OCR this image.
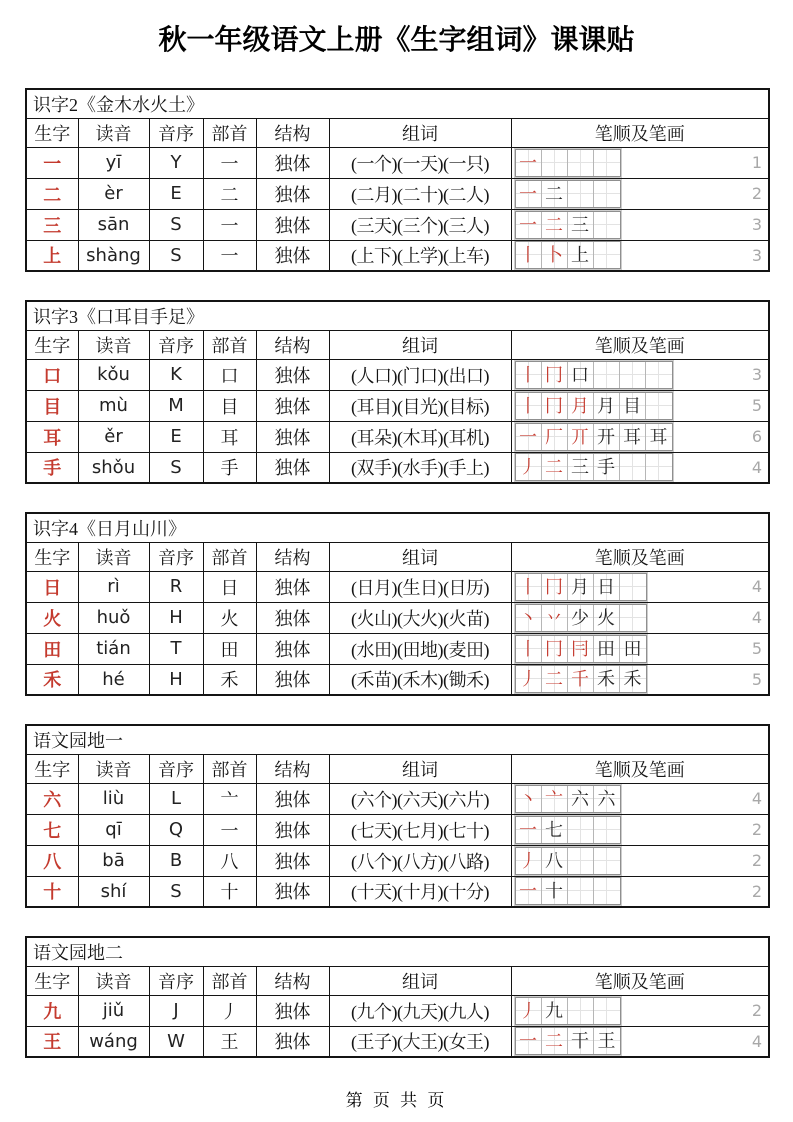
秋一年级语文上册《生字组词》课课贴
识字2《金木水火土》						
生字	读音	音序	部首	结构	组词	笔顺及笔画
一	yī	Y	一	独体	(一个)(一天)(一只)	一 1

二	èr	E	二	独体	(二月)(二十)(二人)	一 二 2

三	sān	S	一	独体	(三天)(三个)(三人)	一 二 三 3

上	shàng	S	一	独体	(上下)(上学)(上车)	丨 卜 上 3
识字3《口耳目手足》						
生字	读音	音序	部首	结构	组词	笔顺及笔画
口	kǒu	K	口	独体	(人口)(门口)(出口)	丨 冂 口 3

目	mù	M	目	独体	(耳目)(目光)(目标)	丨 冂 月 月 目	5

耳	ěr	E	耳	独体	(耳朵)(木耳)(耳机)	一 厂 丌 开 耳 耳	6

手	shǒu	S	手	独体	(双手)(水手)(手上)	丿 二 三 手 4
识字4《日月山川》						
生字	读音	音序	部首	结构	组词	笔顺及笔画
日	rì	R	日	独体	(日月)(生日)(日历)	丨 冂 月 日 4

火	huǒ	H	火	独体	(火山)(大火)(火苗)	丶 丷 少 火 4

田	tián	T	田	独体	(水田)(田地)(麦田)	丨 冂 冃 田 田	5

禾	hé	H	禾	独体	(禾苗)(禾木)(锄禾)	丿 二 千 禾 禾	5
语文园地一						
生字	读音	音序	部首	结构	组词	笔顺及笔画
六	liù	L	亠	独体	(六个)(六天)(六片)	丶 亠 六 六 4

七	qī	Q	一	独体	(七天)(七月)(七十)	一 七 2

八	bā	B	八	独体	(八个)(八方)(八路)	丿 八 2

十	shí	S	十	独体	(十天)(十月)(十分)	一 十 2
语文园地二						
生字	读音	音序	部首	结构	组词	笔顺及笔画
九	jiǔ	J	丿	独体	(九个)(九天)(九人)	丿 九 2

王	wáng	W	王	独体	(王子)(大王)(女王)	一 二 干 王 4
第 页 共 页
